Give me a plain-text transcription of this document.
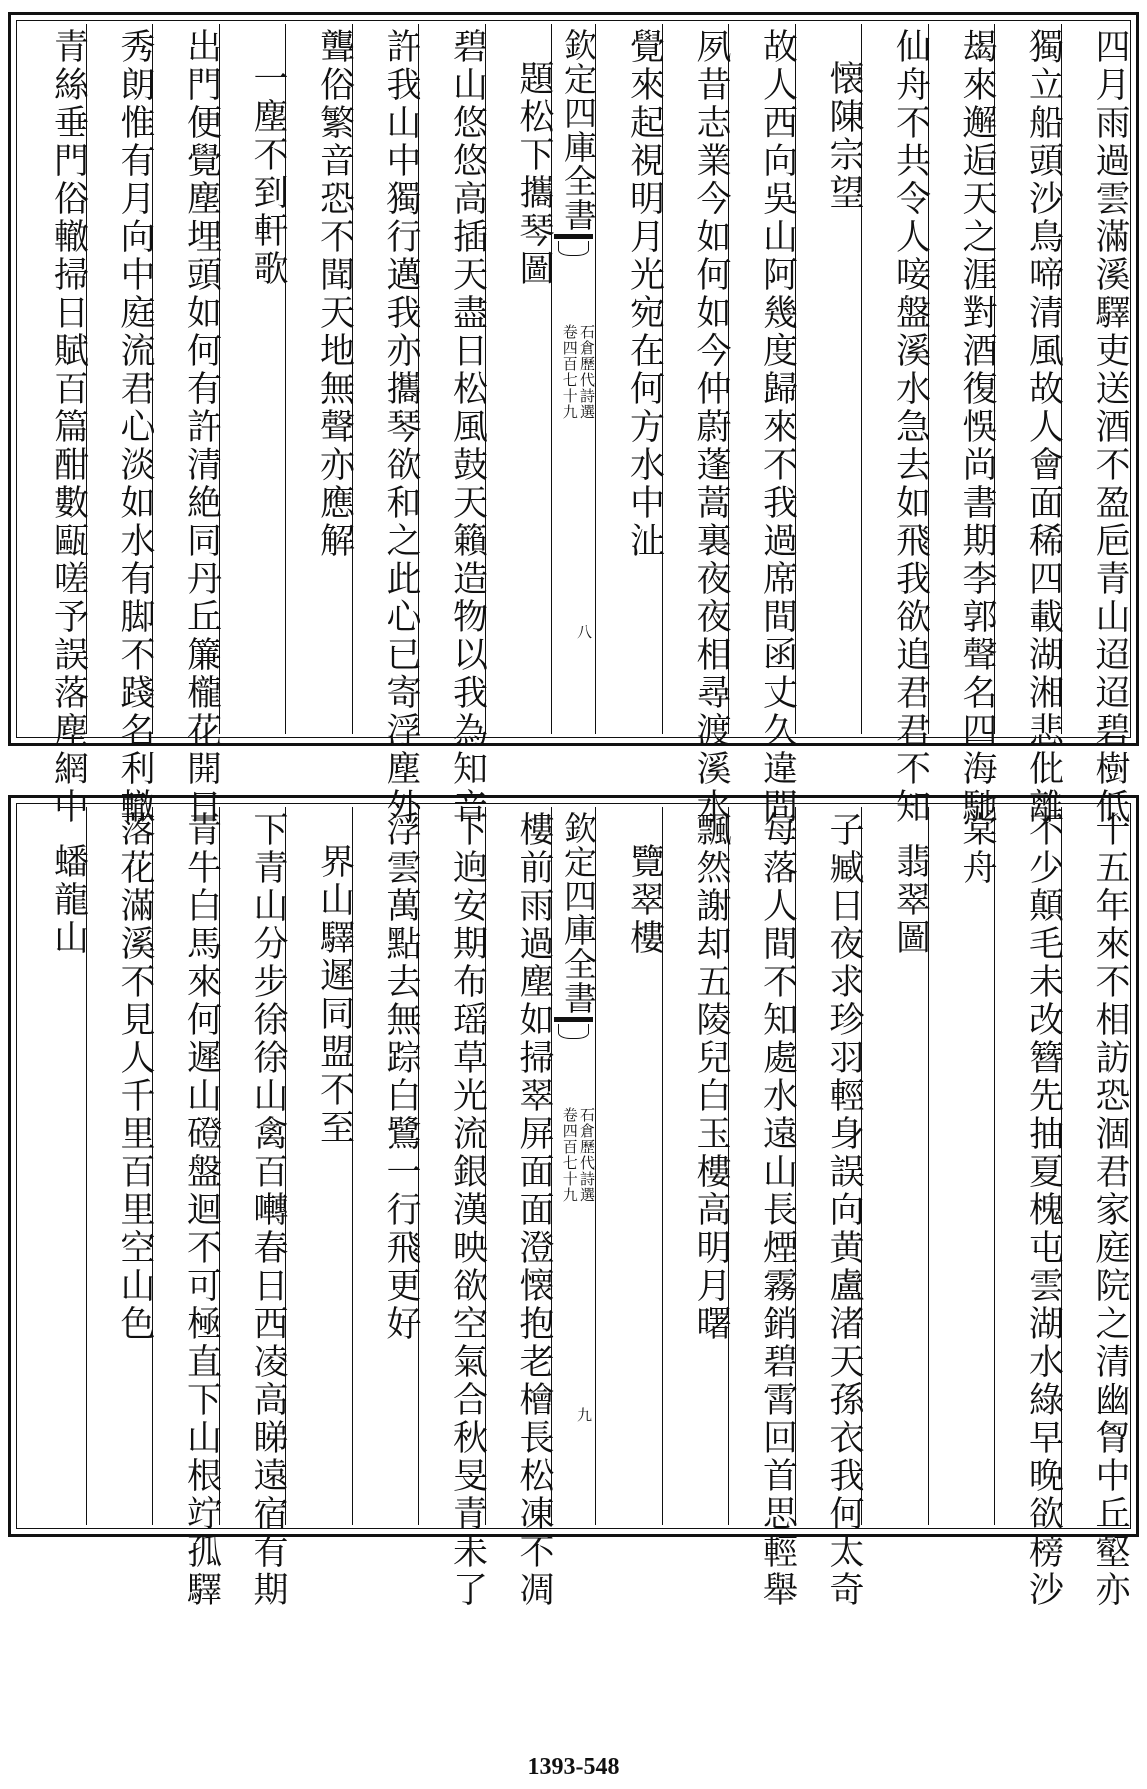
四月雨過雲滿溪驛吏送酒不盈巵青山迢迢碧樹低
獨立船頭沙鳥啼清風故人會面稀四載湖湘悲仳離
朅來邂逅天之涯對酒復悞尚書期李郭聲名四海馳
仙舟不共令人唼盤溪水急去如飛我欲追君君不知
懐陳宗望
故人西向吳山阿幾度歸來不我過席間函丈久違問
夙昔志業今如何如今仲蔚蓬蒿裏夜夜相尋渡溪水
覺來起視明月光宛在何方水中沚
欽定四庫全書
石倉歷代詩選
卷四百七十九
八
題松下攜琴圖
碧山悠悠高插天盡日松風鼓天籟造物以我為知音
許我山中獨行邁我亦攜琴欲和之此心已寄浮塵外
聾俗繁音恐不聞天地無聲亦應解
一塵不到軒歌
出門便覺塵埋頭如何有許清絶同丹丘簾櫳花開日
秀朗惟有月向中庭流君心淡如水有脚不踐名利轍
青絲垂門俗轍掃日賦百篇酣數甌嗟予誤落塵網中
十五年來不相訪恐涸君家庭院之清幽胷中丘壑亦
不少顛毛未改簪先抽夏槐屯雲湖水綠早晚欲榜沙
棠舟
翡翠圖
子臧日夜求珍羽輕身誤向黄盧渚天孫衣我何太奇
每落人間不知處水遠山長煙霧銷碧霄回首思輕舉
飄然謝却五陵兒白玉樓高明月曙
覽翠樓
欽定四庫全書
石倉歷代詩選
卷四百七十九
九
樓前雨過塵如掃翠屏面面澄懐抱老檜長松凍不凋
下逈安期布瑶草光流銀漢映欲空氣合秋旻青未了
浮雲萬點去無踪白鷺一行飛更好
界山驛遲同盟不至
下青山分步徐徐山禽百囀春日西凌高睇遠宿有期
青牛白馬來何遲山磴盤迴不可極直下山根竚孤驛
落花滿溪不見人千里百里空山色
蟠龍山
1393-548
